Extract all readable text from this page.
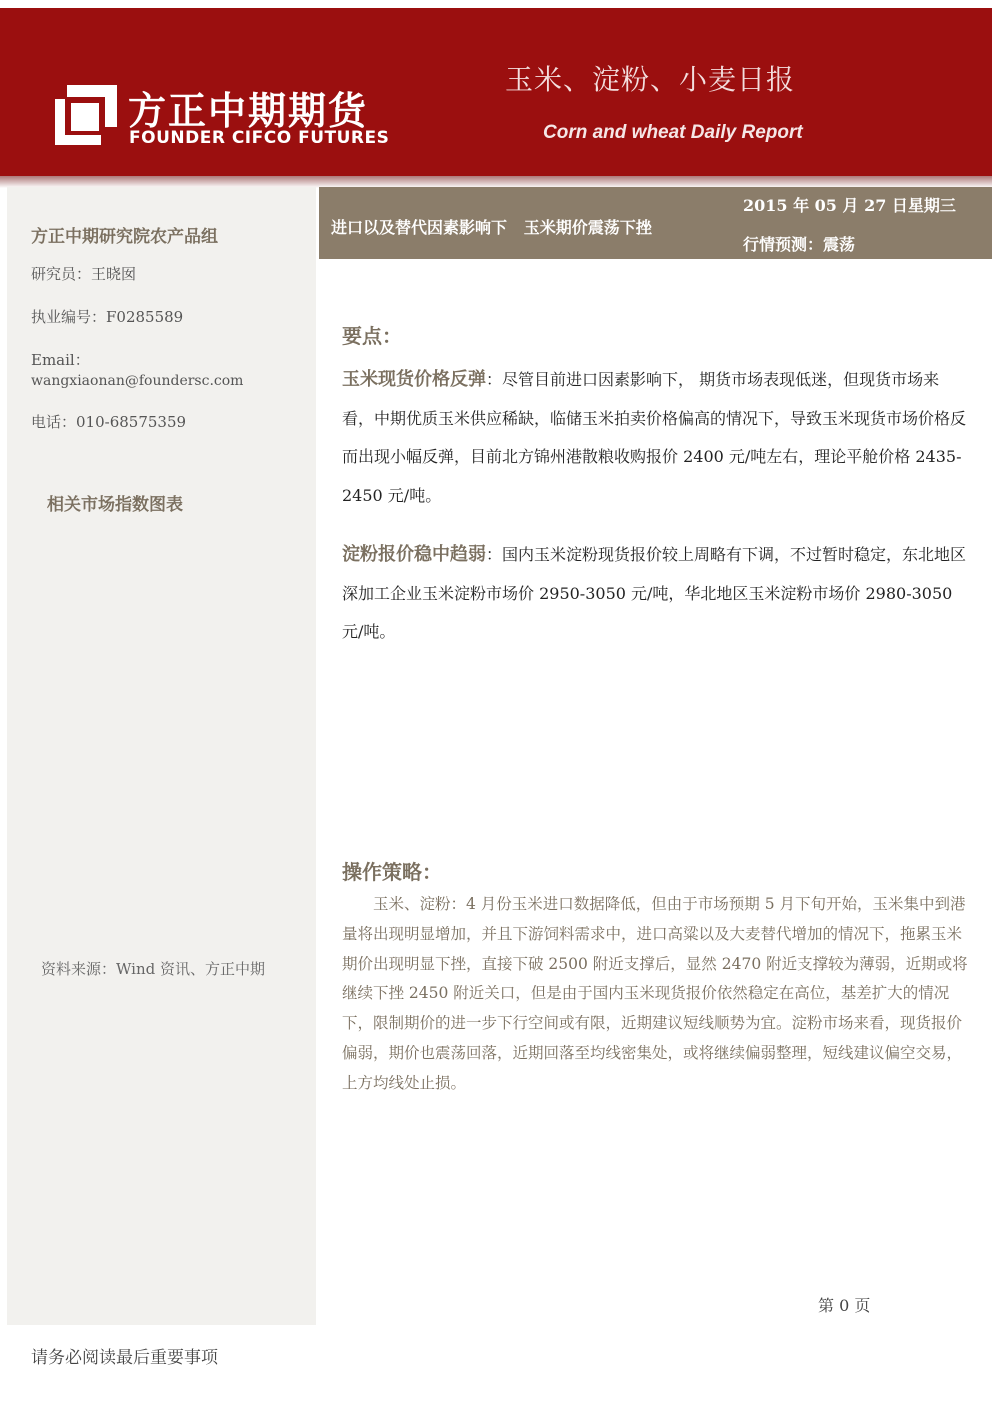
方正中期期货
FOUNDER CIFCO FUTURES
玉米、淀粉、小麦日报
Corn and wheat Daily Report
方正中期研究院农产品组
研究员：王晓囡
执业编号：F0285589
Email：
wangxiaonan@foundersc.com
电话：010-68575359
相关市场指数图表
资料来源：Wind 资讯、方正中期
进口以及替代因素影响下   玉米期价震荡下挫
2015 年 05 月 27 日星期三
行情预测：震荡
要点：

玉米现货价格反弹：尽管目前进口因素影响下， 期货市场表现低迷，但现货市场来看，中期优质玉米供应稀缺，临储玉米拍卖价格偏高的情况下，导致玉米现货市场价格反而出现小幅反弹，目前北方锦州港散粮收购报价 2400 元/吨左右，理论平舱价格 2435-2450 元/吨。

淀粉报价稳中趋弱：国内玉米淀粉现货报价较上周略有下调，不过暂时稳定，东北地区深加工企业玉米淀粉市场价 2950-3050 元/吨，华北地区玉米淀粉市场价 2980-3050 元/吨。

操作策略：

玉米、淀粉：4 月份玉米进口数据降低，但由于市场预期 5 月下旬开始，玉米集中到港量将出现明显增加，并且下游饲料需求中，进口高粱以及大麦替代增加的情况下，拖累玉米期价出现明显下挫，直接下破 2500 附近支撑后，显然 2470 附近支撑较为薄弱，近期或将继续下挫 2450 附近关口，但是由于国内玉米现货报价依然稳定在高位，基差扩大的情况下，限制期价的进一步下行空间或有限，近期建议短线顺势为宜。淀粉市场来看，现货报价偏弱，期价也震荡回落，近期回落至均线密集处，或将继续偏弱整理，短线建议偏空交易，上方均线处止损。

第 0 页
请务必阅读最后重要事项
